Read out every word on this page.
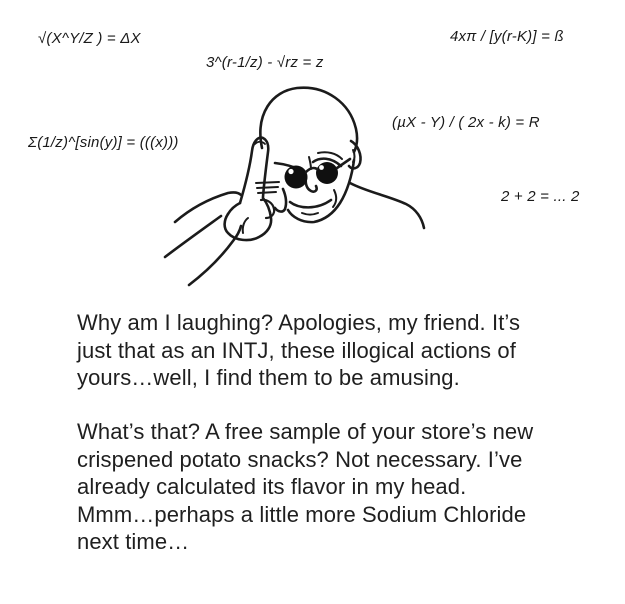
√(X^Y/Z ) = ΔX
3^(r-1/z) - √rz = z
4xπ / [y(r-K)] = ß
(µX - Y) / ( 2x - k) = R
Σ(1/z)^[sin(y)] = (((x)))
2 + 2 = ... 2
Why am I laughing? Apologies, my friend. It’s
just that as an INTJ, these illogical actions of
yours…well, I find them to be amusing.
What’s that? A free sample of your store’s new
crispened potato snacks? Not necessary. I’ve
already calculated its flavor in my head.
Mmm…perhaps a little more Sodium Chloride
next time…
